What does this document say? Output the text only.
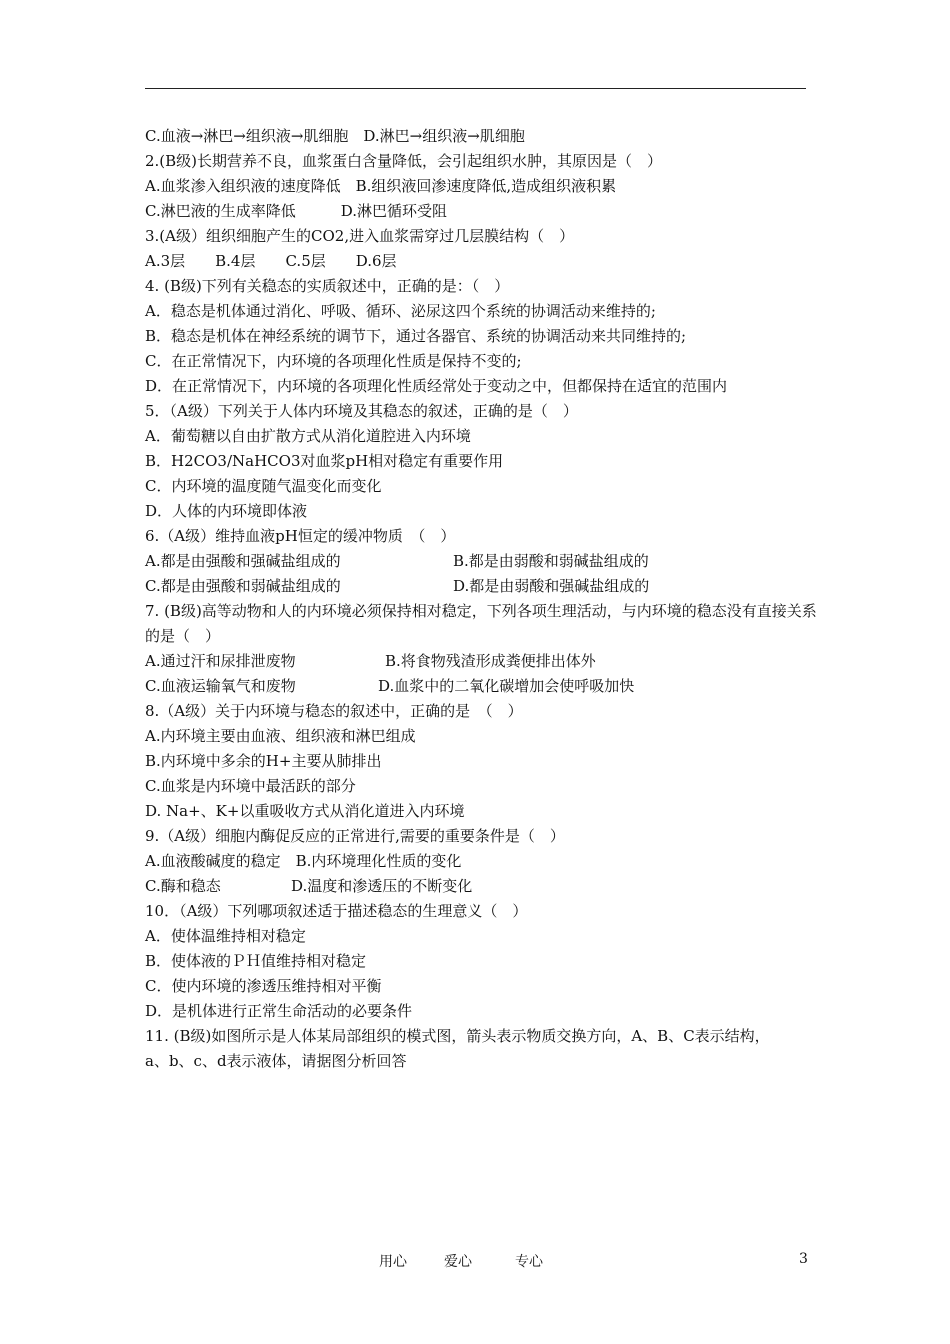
C.血液→淋巴→组织液→肌细胞　D.淋巴→组织液→肌细胞
2.(B级)长期营养不良，血浆蛋白含量降低，会引起组织水肿，其原因是（　）
A.血浆渗入组织液的速度降低　B.组织液回渗速度降低,造成组织液积累
C.淋巴液的生成率降低　　　D.淋巴循环受阻
3.(A级）组织细胞产生的CO2,进入血浆需穿过几层膜结构（　）
A.3层　　B.4层　　C.5层　　D.6层
4. (B级)下列有关稳态的实质叙述中，正确的是：（　）
A．稳态是机体通过消化、呼吸、循环、泌尿这四个系统的协调活动来维持的;
B．稳态是机体在神经系统的调节下，通过各器官、系统的协调活动来共同维持的;
C．在正常情况下，内环境的各项理化性质是保持不变的;
D．在正常情况下，内环境的各项理化性质经常处于变动之中，但都保持在适宜的范围内
5．（A级）下列关于人体内环境及其稳态的叙述，正确的是（　）
A．葡萄糖以自由扩散方式从消化道腔进入内环境
B．H2CO3/NaHCO3对血浆pH相对稳定有重要作用
C．内环境的温度随气温变化而变化
D．人体的内环境即体液
6.（A级）维持血液pH恒定的缓冲物质　（　）
A.都是由强酸和强碱盐组成的	B.都是由弱酸和弱碱盐组成的
C.都是由强酸和弱碱盐组成的	D.都是由弱酸和强碱盐组成的
7. (B级)高等动物和人的内环境必须保持相对稳定，下列各项生理活动，与内环境的稳态没有直接关系的是（　）
A.通过汗和尿排泄废物	B.将食物残渣形成粪便排出体外
C.血液运输氧气和废物	D.血浆中的二氧化碳增加会使呼吸加快
8.（A级）关于内环境与稳态的叙述中，正确的是　（　）
A.内环境主要由血液、组织液和淋巴组成
B.内环境中多余的H+主要从肺排出
C.血浆是内环境中最活跃的部分
D. Na+、K+以重吸收方式从消化道进入内环境
9.（A级）细胞内酶促反应的正常进行,需要的重要条件是（　）
A.血液酸碱度的稳定　B.内环境理化性质的变化
C.酶和稳态	D.温度和渗透压的不断变化
10．（A级）下列哪项叙述适于描述稳态的生理意义（　）
A．使体温维持相对稳定
B．使体液的ＰＨ值维持相对稳定
C．使内环境的渗透压维持相对平衡
D．是机体进行正常生命活动的必要条件
11. (B级)如图所示是人体某局部组织的模式图，箭头表示物质交换方向，A、B、C表示结构，
a、b、c、d表示液体，请据图分析回答
用心	爱心	专心	3
